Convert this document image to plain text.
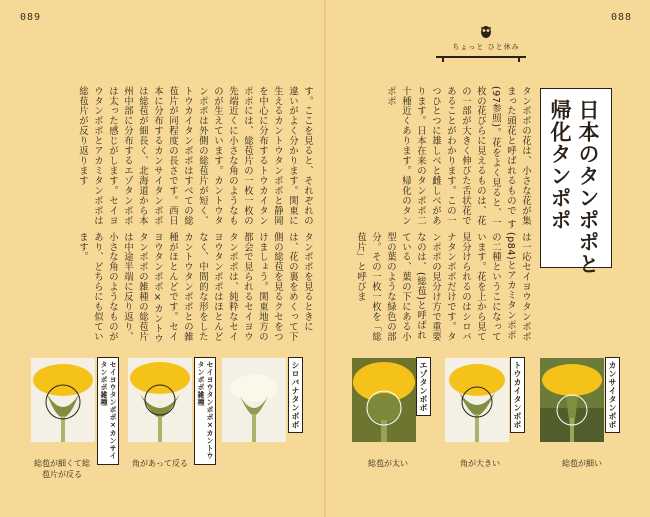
089	088
ちょっと ひと休み
日本のタンポポと
帰化タンポポ
タンポポの花は、小さな花が集まった頭花と呼ばれるもので す(97参照)。花をよく見ると、一枚の花びらに見えるものは、花の一部が大きく伸びた舌状花であることがわかります。この一つひとつに雄しべと雌しべがあります。日本在来のタンポポ二十種近くあります。帰化のタンポポ
は一応セイヨウタンポポ(p84)とアカミタンポポの二種というこになっています。花を上から見て見分けられるのはシロバナタンポポだけです。タンポポの見分け方で重要なのは、(総苞)と呼ばれている、葉の下にある小型の葉のような緑色の部分。その一枚一枚を「総苞片」と呼びま
す。ここを見ると、それぞれの違いがよく分かります。関東に生えるカントウタンポポと静岡を中心に分布するトウカイタンポポには、総苞片の一枚一枚の先端近くに小さな角のようなものが生えています。カントウタンポポは外側の総苞片が短く、トウカイタンポポはすべての総苞片が同程度の長さです。西日本に分布するカンサイタンポポは総苞が細長く、北海道から本州中部に分布するエゾタンポポは太った感じがします。セイヨウタンポポとアカミタンポポは総苞片が反り返ります
タンポポを見るときには、花の裏をめくって下側の総苞を見るクセをつけましょう。関東地方の都会で見られるセイヨウタンポポは、純粋なセイヨウタンポポはほとんどなく、中間的な形をしたカントウタンポポとの雑種がほとんどです。セイヨウタンポポ×カントウタンポポの雑種の総苞片は中途半端に反り返り、小さな角のようなものがあり、どちらにも似ています。
カンサイタンポポ
トウカイタンポポ
エゾタンポポ
シロバナタンポポ
セイヨウタンポポ×カントウタンポポ雑種
セイヨウタンポポ×カンサイタンポポ雑種
総苞が細い
角が大きい
総苞が太い
角があって反る
総苞が細くて総苞片が反る
